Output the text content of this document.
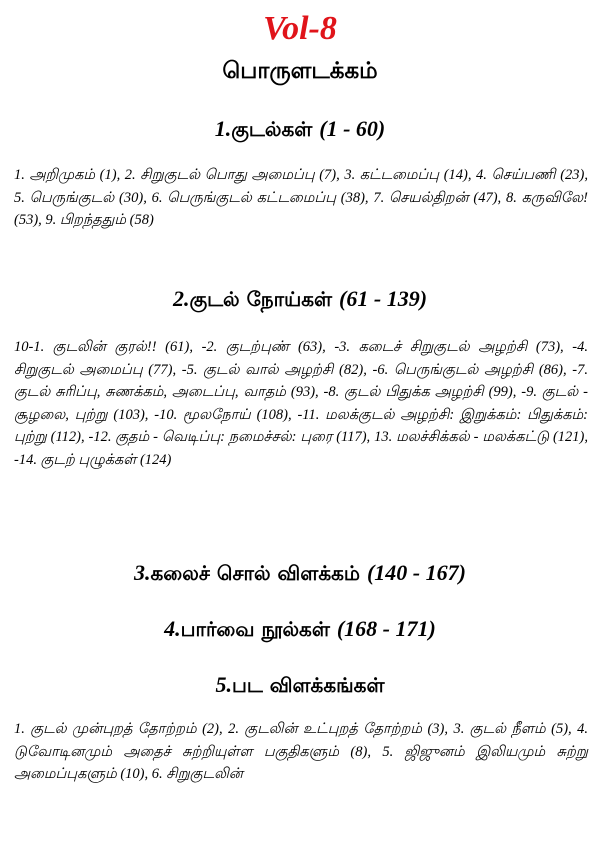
Vol-8
பொருளடக்கம்
1.குடல்கள் (1 - 60)
1. அறிமுகம் (1), 2. சிறுகுடல் பொது அமைப்பு (7), 3. கட்டமைப்பு (14), 4. செய்பணி (23), 5. பெருங்குடல் (30), 6. பெருங்குடல் கட்டமைப்பு (38), 7. செயல்திறன் (47), 8. கருவிலே! (53), 9. பிறந்ததும் (58)
2.குடல் நோய்கள் (61 - 139)
10-1. குடலின் குரல்!! (61), -2. குடற்புண் (63), -3. கடைச் சிறுகுடல் அழற்சி (73), -4. சிறுகுடல் அமைப்பு (77), -5. குடல் வால் அழற்சி (82), -6. பெருங்குடல் அழற்சி (86), -7. குடல் சுரிப்பு, சுணக்கம், அடைப்பு, வாதம் (93), -8. குடல் பிதுக்க அழற்சி (99), -9. குடல் - சூழலை, புற்று (103), -10. மூலநோய் (108), -11. மலக்குடல் அழற்சி: இறுக்கம்: பிதுக்கம்: புற்று (112), -12. குதம் - வெடிப்பு: நமைச்சல்: புரை (117), 13. மலச்சிக்கல் - மலக்கட்டு (121), -14. குடற் புழுக்கள் (124)
3.கலைச் சொல் விளக்கம் (140 - 167)
4.பார்வை நூல்கள் (168 - 171)
5.பட விளக்கங்கள்
1. குடல் முன்புறத் தோற்றம் (2), 2. குடலின் உட்புறத் தோற்றம் (3), 3. குடல் நீளம் (5), 4. டுவோடினமும் அதைச் சுற்றியுள்ள பகுதிகளும் (8), 5. ஜிஜுனம் இலியமும் சுற்று அமைப்புகளும் (10), 6. சிறுகுடலின்
